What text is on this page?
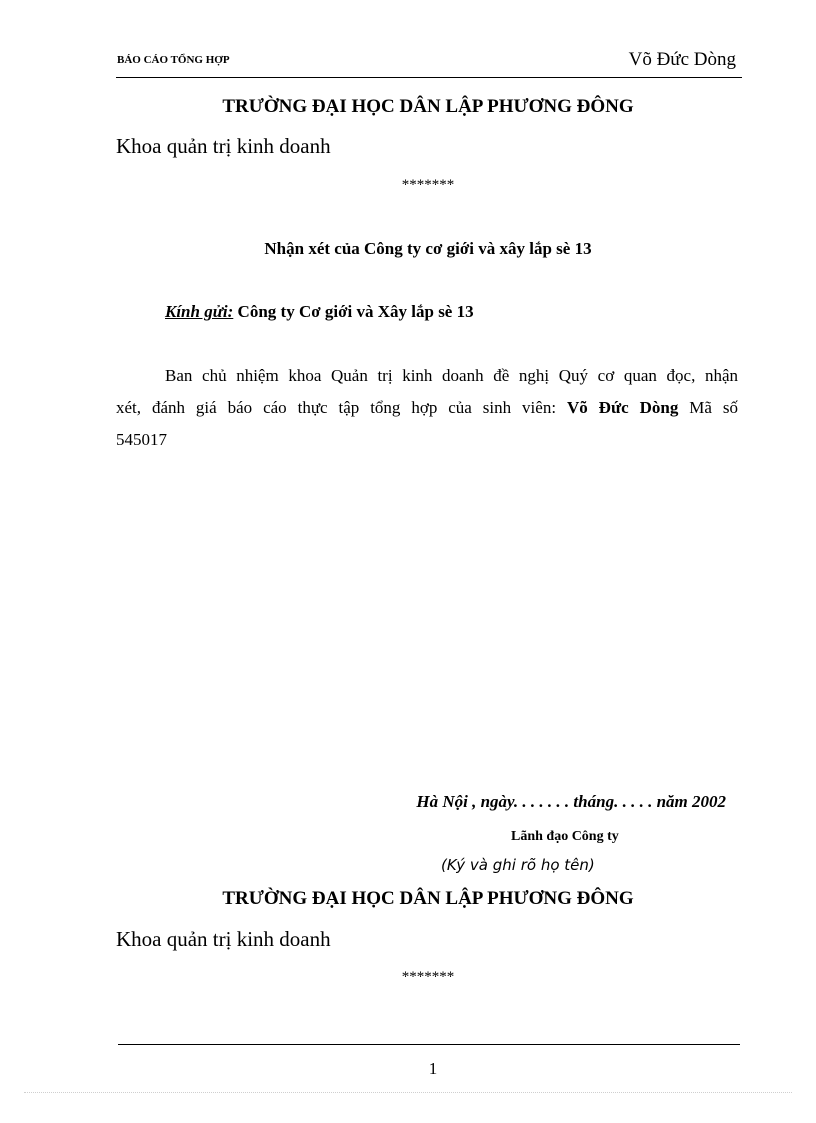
BÁO CÁO TỔNG HỢP	Võ Đức Dòng
TRƯỜNG ĐẠI HỌC DÂN LẬP PHƯƠNG ĐÔNG
Khoa quản trị kinh doanh
*******
Nhận xét của Công ty cơ giới và xây lắp sè 13
Kính gửi: Công ty Cơ giới và Xây lắp sè 13
Ban chủ nhiệm khoa Quản trị kinh doanh đề nghị Quý cơ quan đọc, nhận
xét, đánh giá báo cáo thực tập tổng hợp của sinh viên: Võ Đức Dòng Mã số
545017
Hà Nội , ngày. . . . . . . tháng. . . . . năm 2002
Lãnh đạo Công ty
(Ký và ghi rõ họ tên)
TRƯỜNG ĐẠI HỌC DÂN LẬP PHƯƠNG ĐÔNG
Khoa quản trị kinh doanh
*******
1
